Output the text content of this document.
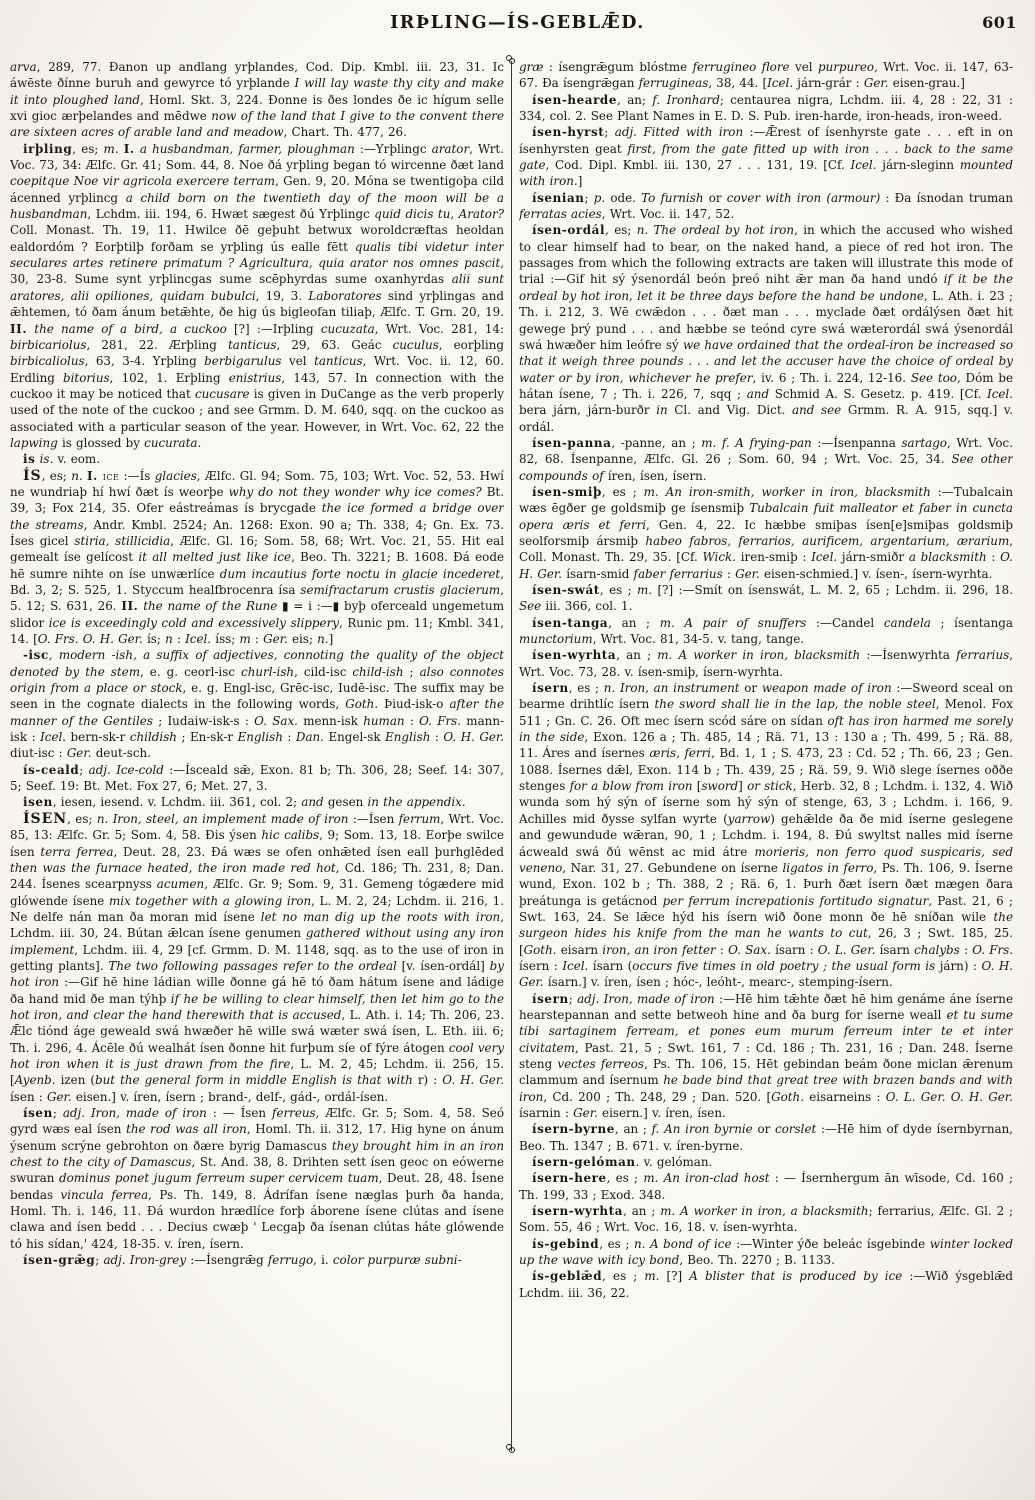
IRÞLING—ÍS-GEBLǢD.	601

arva, 289, 77. Ðanon up andlang yrþlandes, Cod. Dip. Kmbl. iii. 23, 31. Ic áwēste ðínne buruh and gewyrce tó yrþlande I will lay waste thy city and make it into ploughed land, Homl. Skt. 3, 224. Ðonne is ðes londes ðe ic hígum selle xvi gioc ærþelandes and mēdwe now of the land that I give to the convent there are sixteen acres of arable land and meadow, Chart. Th. 477, 26.

irþling, es; m. I. a husbandman, farmer, ploughman :—Yrþlingc arator, Wrt. Voc. 73, 34: Ælfc. Gr. 41; Som. 44, 8. Noe ðá yrþling began tó wircenne ðæt land coepitque Noe vir agricola exercere terram, Gen. 9, 20. Móna se twentigoþa cild ácenned yrþlincg a child born on the twentieth day of the moon will be a husbandman, Lchdm. iii. 194, 6. Hwæt sægest ðú Yrþlingc quid dicis tu, Arator? Coll. Monast. Th. 19, 11. Hwilce ðē geþuht betwux woroldcræftas heoldan ealdordóm ? Eorþtilþ forðam se yrþling ús ealle fētt qualis tibi videtur inter seculares artes retinere primatum ? Agricultura, quia arator nos omnes pascit, 30, 23-8. Sume synt yrþlincgas sume scēphyrdas sume oxanhyrdas alii sunt aratores, alii opiliones, quidam bubulci, 19, 3. Laboratores sind yrþlingas and ǣhtemen, tó ðam ánum betǣhte, ðe hig ús bigleofan tiliaþ, Ælfc. T. Grn. 20, 19. II. the name of a bird, a cuckoo [?] :—Irþling cucuzata, Wrt. Voc. 281, 14: birbicariolus, 281, 22. Ærþling tanticus, 29, 63. Geác cuculus, eorþling birbicaliolus, 63, 3-4. Yrþling berbigarulus vel tanticus, Wrt. Voc. ii. 12, 60. Erdling bitorius, 102, 1. Erþling enistrius, 143, 57. In connection with the cuckoo it may be noticed that cucusare is given in DuCange as the verb properly used of the note of the cuckoo ; and see Grmm. D. M. 640, sqq. on the cuckoo as associated with a particular season of the year. However, in Wrt. Voc. 62, 22 the lapwing is glossed by cucurata.

is is. v. eom.

ÍS, es; n. I. ice :—Ís glacies, Ælfc. Gl. 94; Som. 75, 103; Wrt. Voc. 52, 53. Hwí ne wundriaþ hí hwí ðæt ís weorþe why do not they wonder why ice comes? Bt. 39, 3; Fox 214, 35. Ofer eástreámas ís brycgade the ice formed a bridge over the streams, Andr. Kmbl. 2524; An. 1268: Exon. 90 a; Th. 338, 4; Gn. Ex. 73. Íses gicel stiria, stillicidia, Ælfc. Gl. 16; Som. 58, 68; Wrt. Voc. 21, 55. Hit eal gemealt íse gelícost it all melted just like ice, Beo. Th. 3221; B. 1608. Ðá eode hē sumre nihte on íse unwærlíce dum incautius forte noctu in glacie incederet, Bd. 3, 2; S. 525, 1. Styccum healfbrocenra ísa semifractarum crustis glacierum, 5. 12; S. 631, 26. II. the name of the Rune ▮ = i :—▮ byþ oferceald ungemetum slidor ice is exceedingly cold and excessively slippery, Runic pm. 11; Kmbl. 341, 14. [O. Frs. O. H. Ger. ís; n : Icel. íss; m : Ger. eis; n.]

-isc, modern -ish, a suffix of adjectives, connoting the quality of the object denoted by the stem, e. g. ceorl-isc churl-ish, cild-isc child-ish ; also connotes origin from a place or stock, e. g. Engl-isc, Grēc-isc, Iudē-isc. The suffix may be seen in the cognate dialects in the following words, Goth. Þiud-isk-o after the manner of the Gentiles ; Iudaiw-isk-s : O. Sax. menn-isk human : O. Frs. mann-isk : Icel. bern-sk-r childish ; En-sk-r English : Dan. Engel-sk English : O. H. Ger. diut-isc : Ger. deut-sch.

ís-ceald; adj. Ice-cold :—Ísceald sǣ, Exon. 81 b; Th. 306, 28; Seef. 14: 307, 5; Seef. 19: Bt. Met. Fox 27, 6; Met. 27, 3.

isen, iesen, iesend. v. Lchdm. iii. 361, col. 2; and gesen in the appendix.

ÍSEN, es; n. Iron, steel, an implement made of iron :—Ísen ferrum, Wrt. Voc. 85, 13: Ælfc. Gr. 5; Som. 4, 58. Ðis ýsen hic calibs, 9; Som. 13, 18. Eorþe swilce ísen terra ferrea, Deut. 28, 23. Ðá wæs se ofen onhǣted ísen eall þurhglēded then was the furnace heated, the iron made red hot, Cd. 186; Th. 231, 8; Dan. 244. Ísenes scearpnyss acumen, Ælfc. Gr. 9; Som. 9, 31. Gemeng tógædere mid glówende ísene mix together with a glowing iron, L. M. 2, 24; Lchdm. ii. 216, 1. Ne delfe nán man ða moran mid ísene let no man dig up the roots with iron, Lchdm. iii. 30, 24. Bútan ǣlcan ísene genumen gathered without using any iron implement, Lchdm. iii. 4, 29 [cf. Grmm. D. M. 1148, sqq. as to the use of iron in getting plants]. The two following passages refer to the ordeal [v. ísen-ordál] by hot iron :—Gif hē hine ládian wille ðonne gá hē tó ðam hátum ísene and ládige ða hand mid ðe man týhþ if he be willing to clear himself, then let him go to the hot iron, and clear the hand therewith that is accused, L. Ath. i. 14; Th. 206, 23. Ǣlc tiónd áge geweald swá hwæðer hē wille swá wæter swá ísen, L. Eth. iii. 6; Th. i. 296, 4. Ácēle ðú wealhát ísen ðonne hit furþum síe of fýre átogen cool very hot iron when it is just drawn from the fire, L. M. 2, 45; Lchdm. ii. 256, 15. [Ayenb. izen (but the general form in middle English is that with r) : O. H. Ger. ísen : Ger. eisen.] v. íren, ísern ; brand-, delf-, gád-, ordál-ísen.

ísen; adj. Iron, made of iron : — Ísen ferreus, Ælfc. Gr. 5; Som. 4, 58. Seó gyrd wæs eal ísen the rod was all iron, Homl. Th. ii. 312, 17. Hig hyne on ánum ýsenum scrýne gebrohton on ðære byrig Damascus they brought him in an iron chest to the city of Damascus, St. And. 38, 8. Drihten sett ísen geoc on eówerne swuran dominus ponet jugum ferreum super cervicem tuam, Deut. 28, 48. Ísene bendas vincula ferrea, Ps. Th. 149, 8. Ádrífan ísene næglas þurh ða handa, Homl. Th. i. 146, 11. Ðá wurdon hrædlíce forþ áborene ísene clútas and ísene clawa and ísen bedd . . . Decius cwæþ ' Lecgaþ ða ísenan clútas háte glówende tó his sídan,' 424, 18-35. v. íren, ísern.

ísen-grǣg; adj. Iron-grey :—Ísengrǣg ferrugo, i. color purpuræ subni-

græ : ísengrǣgum blóstme ferrugineo flore vel purpureo, Wrt. Voc. ii. 147, 63-67. Ða ísengrǣgan ferrugineas, 38, 44. [Icel. járn-grár : Ger. eisen-grau.]

ísen-hearde, an; f. Ironhard; centaurea nigra, Lchdm. iii. 4, 28 : 22, 31 : 334, col. 2. See Plant Names in E. D. S. Pub. iren-harde, iron-heads, iron-weed.

ísen-hyrst; adj. Fitted with iron :—Ǣrest of ísenhyrste gate . . . eft in on ísenhyrsten geat first, from the gate fitted up with iron . . . back to the same gate, Cod. Dipl. Kmbl. iii. 130, 27 . . . 131, 19. [Cf. Icel. járn-sleginn mounted with iron.]

ísenian; p. ode. To furnish or cover with iron (armour) : Ða ísnodan truman ferratas acies, Wrt. Voc. ii. 147, 52.

ísen-ordál, es; n. The ordeal by hot iron, in which the accused who wished to clear himself had to bear, on the naked hand, a piece of red hot iron. The passages from which the following extracts are taken will illustrate this mode of trial :—Gif hit sý ýsenordál beón þreó niht ǣr man ða hand undó if it be the ordeal by hot iron, let it be three days before the hand be undone, L. Ath. i. 23 ; Th. i. 212, 3. Wē cwǣdon . . . ðæt man . . . myclade ðæt ordálýsen ðæt hit gewege þrý pund . . . and hæbbe se teónd cyre swá wæterordál swá ýsenordál swá hwæðer him leófre sý we have ordained that the ordeal-iron be increased so that it weigh three pounds . . . and let the accuser have the choice of ordeal by water or by iron, whichever he prefer, iv. 6 ; Th. i. 224, 12-16. See too, Dóm be hátan ísene, 7 ; Th. i. 226, 7, sqq ; and Schmid A. S. Gesetz. p. 419. [Cf. Icel. bera járn, járn-burðr in Cl. and Vig. Dict. and see Grmm. R. A. 915, sqq.] v. ordál.

ísen-panna, -panne, an ; m. f. A frying-pan :—Ísenpanna sartago, Wrt. Voc. 82, 68. Ísenpanne, Ælfc. Gl. 26 ; Som. 60, 94 ; Wrt. Voc. 25, 34. See other compounds of íren, ísen, ísern.

ísen-smiþ, es ; m. An iron-smith, worker in iron, blacksmith :—Tubalcain wæs ēgðer ge goldsmiþ ge ísensmiþ Tubalcain fuit malleator et faber in cuncta opera æris et ferri, Gen. 4, 22. Ic hæbbe smiþas ísen[e]smiþas goldsmiþ seolforsmiþ ársmiþ habeo fabros, ferrarios, aurificem, argentarium, ærarium, Coll. Monast. Th. 29, 35. [Cf. Wick. iren-smiþ : Icel. járn-smiðr a blacksmith : O. H. Ger. ísarn-smid faber ferrarius : Ger. eisen-schmied.] v. ísen-, ísern-wyrhta.

ísen-swát, es ; m. [?] :—Smít on ísenswát, L. M. 2, 65 ; Lchdm. ii. 296, 18. See iii. 366, col. 1.

ísen-tanga, an ; m. A pair of snuffers :—Candel candela ; ísentanga munctorium, Wrt. Voc. 81, 34-5. v. tang, tange.

ísen-wyrhta, an ; m. A worker in iron, blacksmith :—Ísenwyrhta ferrarius, Wrt. Voc. 73, 28. v. ísen-smiþ, ísern-wyrhta.

ísern, es ; n. Iron, an instrument or weapon made of iron :—Sweord sceal on bearme drihtlíc ísern the sword shall lie in the lap, the noble steel, Menol. Fox 511 ; Gn. C. 26. Oft mec ísern scód sáre on sídan oft has iron harmed me sorely in the side, Exon. 126 a ; Th. 485, 14 ; Rä. 71, 13 : 130 a ; Th. 499, 5 ; Rä. 88, 11. Áres and ísernes æris, ferri, Bd. 1, 1 ; S. 473, 23 : Cd. 52 ; Th. 66, 23 ; Gen. 1088. Ísernes dǣl, Exon. 114 b ; Th. 439, 25 ; Rä. 59, 9. Wið slege ísernes oððe stenges for a blow from iron [sword] or stick, Herb. 32, 8 ; Lchdm. i. 132, 4. Wið wunda som hý sýn of íserne som hý sýn of stenge, 63, 3 ; Lchdm. i. 166, 9. Achilles mid ðysse sylfan wyrte (yarrow) gehǣlde ða ðe mid íserne geslegene and gewundude wǣran, 90, 1 ; Lchdm. i. 194, 8. Ðú swyltst nalles mid íserne ácweald swá ðú wēnst ac mid átre morieris, non ferro quod suspicaris, sed veneno, Nar. 31, 27. Gebundene on íserne ligatos in ferro, Ps. Th. 106, 9. Íserne wund, Exon. 102 b ; Th. 388, 2 ; Rä. 6, 1. Þurh ðæt ísern ðæt mægen ðara þreátunga is getácnod per ferrum increpationis fortitudo signatur, Past. 21, 6 ; Swt. 163, 24. Se lǣce hýd his ísern wið ðone monn ðe hē sníðan wile the surgeon hides his knife from the man he wants to cut, 26, 3 ; Swt. 185, 25. [Goth. eisarn iron, an iron fetter : O. Sax. ísarn : O. L. Ger. ísarn chalybs : O. Frs. ísern : Icel. ísarn (occurs five times in old poetry ; the usual form is járn) : O. H. Ger. ísarn.] v. íren, ísen ; hóc-, leóht-, mearc-, stemping-ísern.

ísern; adj. Iron, made of iron :—Hē him tǣhte ðæt hē him genáme áne íserne hearstepannan and sette betweoh hine and ða burg for íserne weall et tu sume tibi sartaginem ferream, et pones eum murum ferreum inter te et inter civitatem, Past. 21, 5 ; Swt. 161, 7 : Cd. 186 ; Th. 231, 16 ; Dan. 248. Íserne steng vectes ferreos, Ps. Th. 106, 15. Hēt gebindan beám ðone miclan ǣrenum clammum and ísernum he bade bind that great tree with brazen bands and with iron, Cd. 200 ; Th. 248, 29 ; Dan. 520. [Goth. eisarneins : O. L. Ger. O. H. Ger. ísarnin : Ger. eisern.] v. íren, ísen.

ísern-byrne, an ; f. An iron byrnie or corslet :—Hē him of dyde ísernbyrnan, Beo. Th. 1347 ; B. 671. v. íren-byrne.

ísern-gelóman. v. gelóman.

ísern-here, es ; m. An iron-clad host : — Ísernhergum ān wīsode, Cd. 160 ; Th. 199, 33 ; Exod. 348.

ísern-wyrhta, an ; m. A worker in iron, a blacksmith; ferrarius, Ælfc. Gl. 2 ; Som. 55, 46 ; Wrt. Voc. 16, 18. v. ísen-wyrhta.

ís-gebind, es ; n. A bond of ice :—Winter ýðe beleác ísgebinde winter locked up the wave with icy bond, Beo. Th. 2270 ; B. 1133.

ís-geblǣd, es ; m. [?] A blister that is produced by ice :—Wið ýsgeblǣd Lchdm. iii. 36, 22.
